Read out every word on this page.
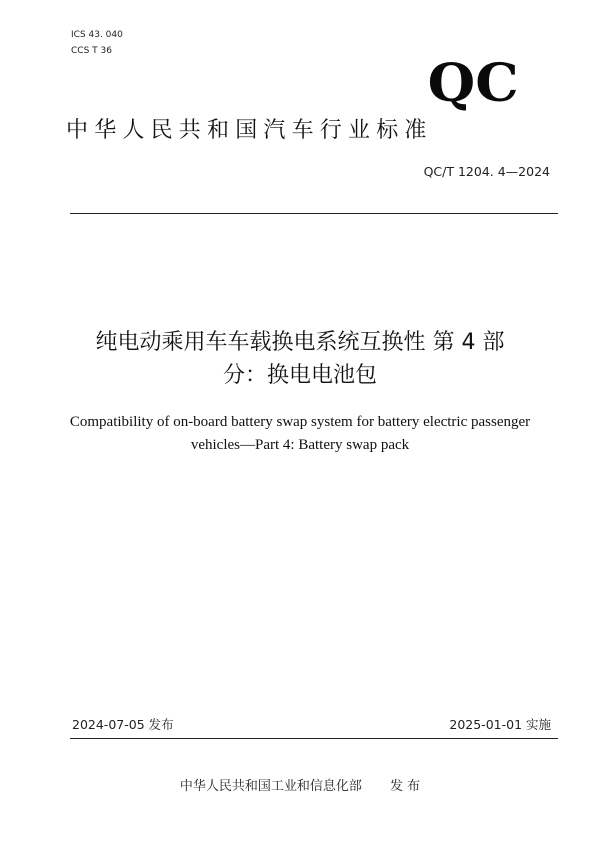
ICS 43. 040
CCS T 36
QC
中华人民共和国汽车行业标准
QC/T 1204. 4—2024
纯电动乘用车车载换电系统互换性 第 4 部
分：换电电池包
Compatibility of on-board battery swap system for battery electric passenger
vehicles—Part 4: Battery swap pack
2024-07-05 发布	2025-01-01 实施
中华人民共和国工业和信息化部 发 布
